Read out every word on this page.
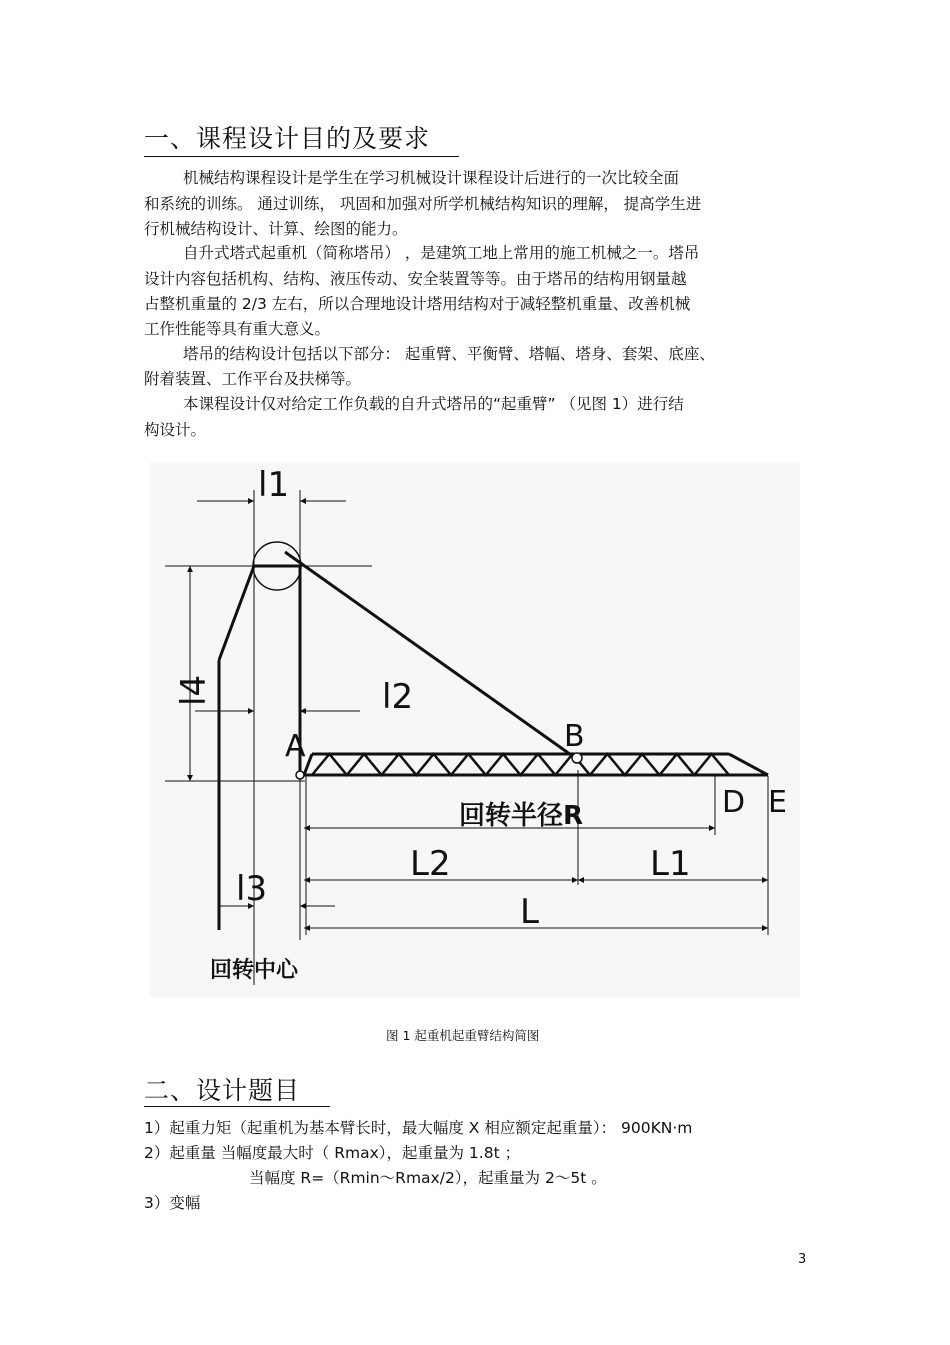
一、课程设计目的及要求
机械结构课程设计是学生在学习机械设计课程设计后进行的一次比较全面
和系统的训练。 通过训练， 巩固和加强对所学机械结构知识的理解， 提高学生进
行机械结构设计、计算、绘图的能力。
自升式塔式起重机（简称塔吊） ，是建筑工地上常用的施工机械之一。塔吊
设计内容包括机构、结构、液压传动、安全装置等等。由于塔吊的结构用钢量越
占整机重量的 2/3 左右，所以合理地设计塔用结构对于减轻整机重量、改善机械
工作性能等具有重大意义。
塔吊的结构设计包括以下部分： 起重臂、平衡臂、塔幅、塔身、套架、底座、
附着装置、工作平台及扶梯等。
本课程设计仅对给定工作负载的自升式塔吊的“起重臂” （见图 1）进行结
构设计。
l1
l4	l2
A	B
D E
回转半径R
L2	L1
L
l3
回转中心
图 1 起重机起重臂结构简图
二、设计题目
1）起重力矩（起重机为基本臂长时，最大幅度 X 相应额定起重量）： 900KN·m
2）起重量 当幅度最大时（ Rmax），起重量为 1.8t ；
当幅度 R=（Rmin～Rmax/2），起重量为 2～5t 。
3）变幅
3
